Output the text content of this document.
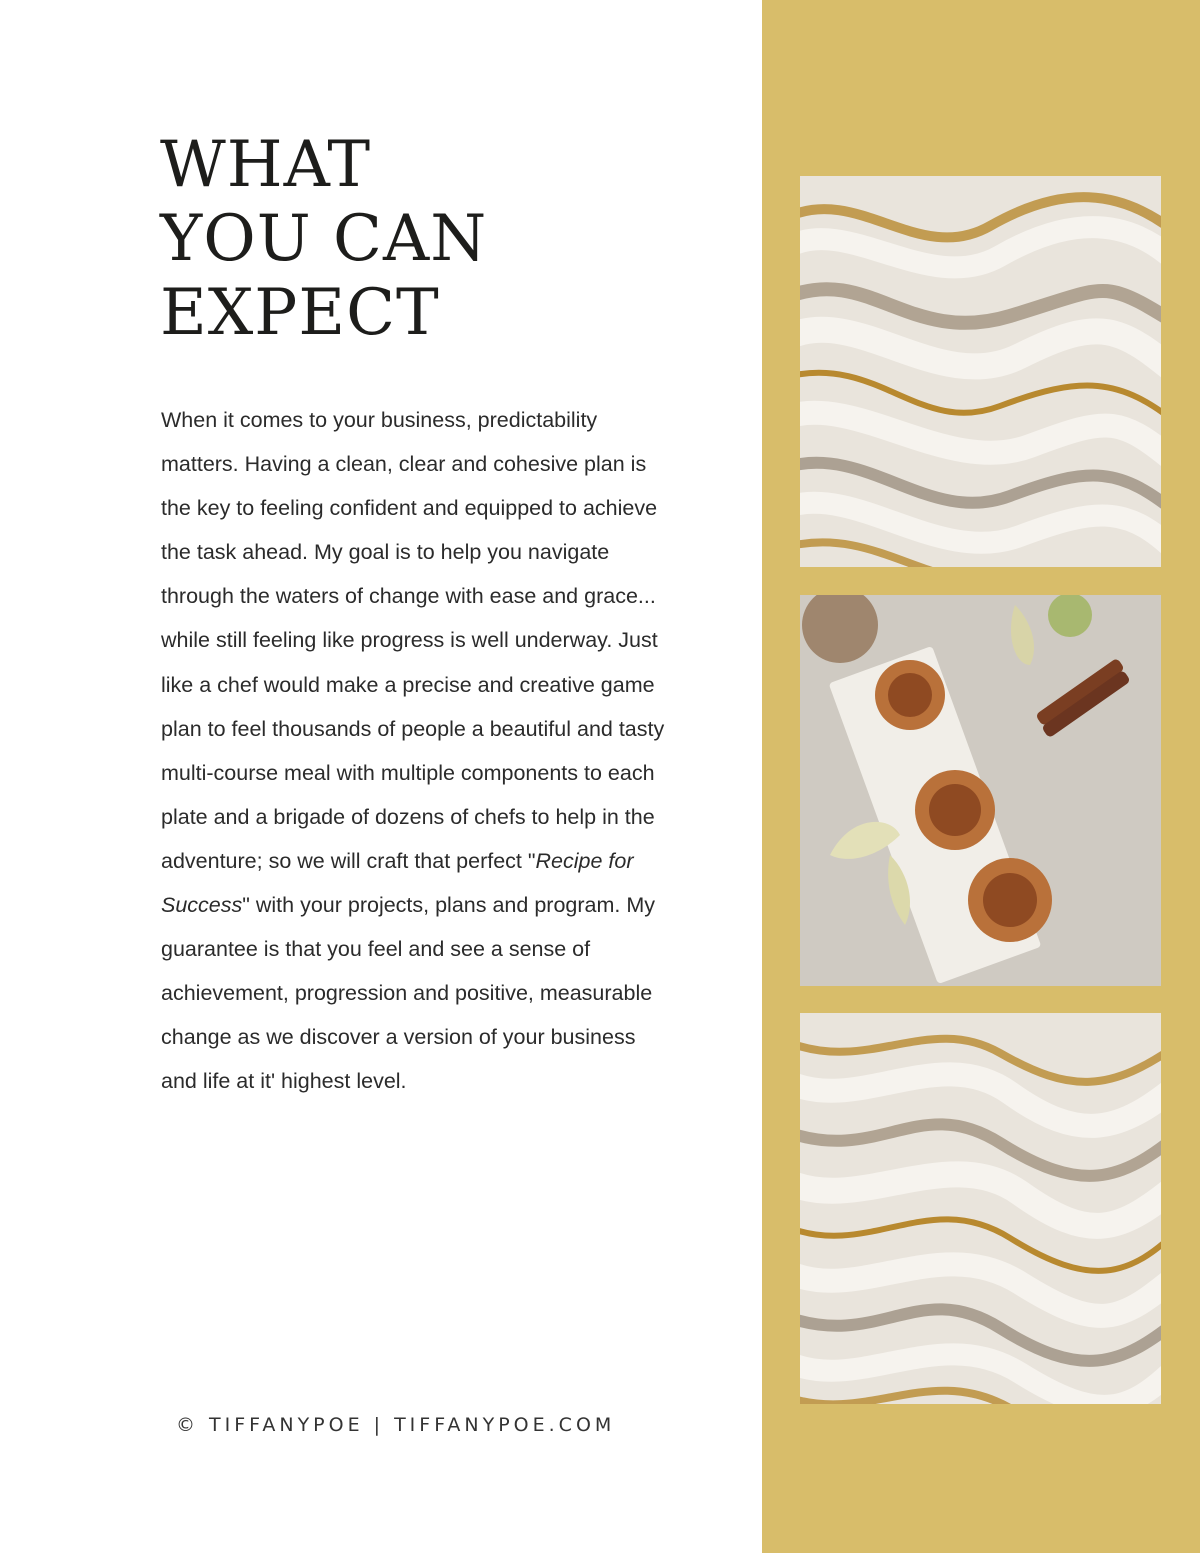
WHAT
YOU CAN
EXPECT

When it comes to your business, predictability matters. Having a clean, clear and cohesive plan is the key to feeling confident and equipped to achieve the task ahead. My goal is to help you navigate through the waters of change with ease and grace... while still feeling like progress is well underway. Just like a chef would make a precise and creative game plan to feel thousands of people a beautiful and tasty multi-course meal with multiple components to each plate and a brigade of dozens of chefs to help in the adventure; so we will craft that perfect "Recipe for Success" with your projects, plans and program. My guarantee is that you feel and see a sense of achievement, progression and positive, measurable change as we discover a version of your business and life at it' highest level.

© TIFFANYPOE | TIFFANYPOE.COM
